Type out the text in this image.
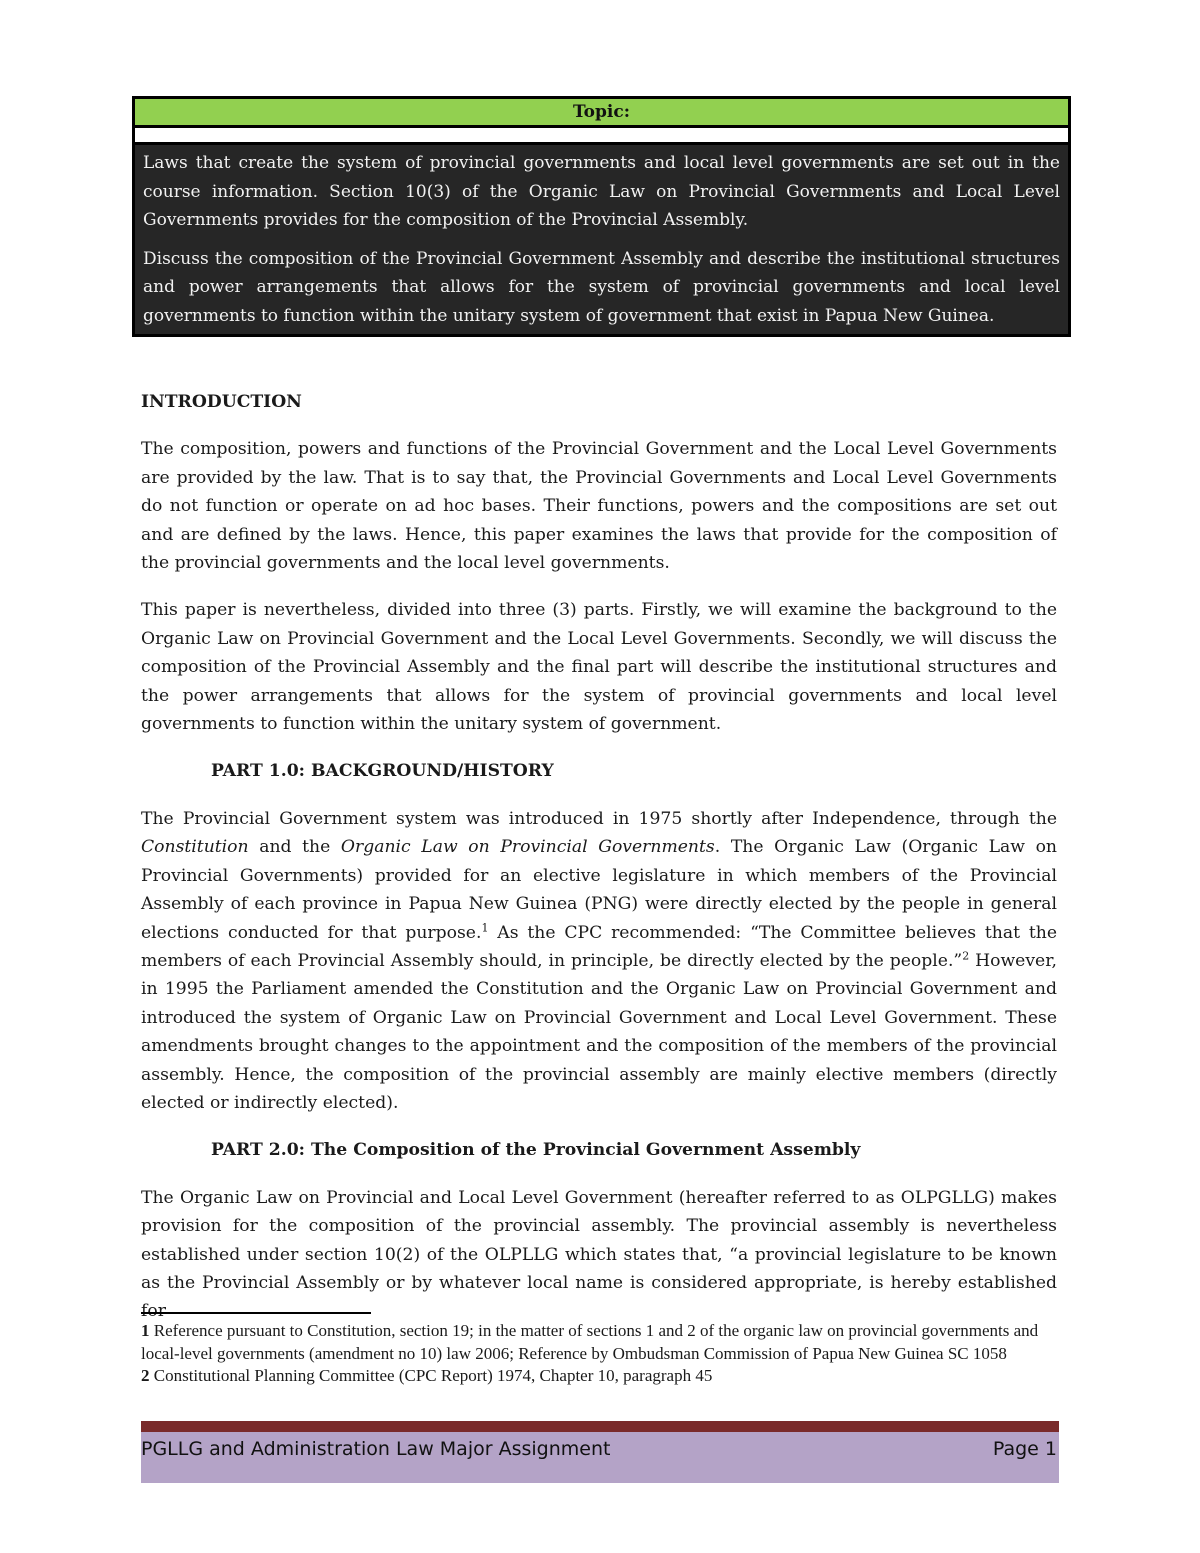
Topic:

Laws that create the system of provincial governments and local level governments are set out in the course information. Section 10(3) of the Organic Law on Provincial Governments and Local Level Governments provides for the composition of the Provincial Assembly.

Discuss the composition of the Provincial Government Assembly and describe the institutional structures and power arrangements that allows for the system of provincial governments and local level governments to function within the unitary system of government that exist in Papua New Guinea.

INTRODUCTION

The composition, powers and functions of the Provincial Government and the Local Level Governments are provided by the law. That is to say that, the Provincial Governments and Local Level Governments do not function or operate on ad hoc bases. Their functions, powers and the compositions are set out and are defined by the laws. Hence, this paper examines the laws that provide for the composition of the provincial governments and the local level governments.

This paper is nevertheless, divided into three (3) parts. Firstly, we will examine the background to the Organic Law on Provincial Government and the Local Level Governments. Secondly, we will discuss the composition of the Provincial Assembly and the final part will describe the institutional structures and the power arrangements that allows for the system of provincial governments and local level governments to function within the unitary system of government.

PART 1.0: BACKGROUND/HISTORY

The Provincial Government system was introduced in 1975 shortly after Independence, through the Constitution and the Organic Law on Provincial Governments. The Organic Law (Organic Law on Provincial Governments) provided for an elective legislature in which members of the Provincial Assembly of each province in Papua New Guinea (PNG) were directly elected by the people in general elections conducted for that purpose.$^1$ As the CPC recommended: “The Committee believes that the members of each Provincial Assembly should, in principle, be directly elected by the people.”$^2$ However, in 1995 the Parliament amended the Constitution and the Organic Law on Provincial Government and introduced the system of Organic Law on Provincial Government and Local Level Government. These amendments brought changes to the appointment and the composition of the members of the provincial assembly. Hence, the composition of the provincial assembly are mainly elective members (directly elected or indirectly elected).

PART 2.0: The Composition of the Provincial Government Assembly

The Organic Law on Provincial and Local Level Government (hereafter referred to as OLPGLLG) makes provision for the composition of the provincial assembly. The provincial assembly is nevertheless established under section 10(2) of the OLPLLG which states that, “a provincial legislature to be known as the Provincial Assembly or by whatever local name is considered appropriate, is hereby established

1 Reference pursuant to Constitution, section 19; in the matter of sections 1 and 2 of the organic law on provincial governments and local-level governments (amendment no 10) law 2006; Reference by Ombudsman Commission of Papua New Guinea SC 1058

2 Constitutional Planning Committee (CPC Report) 1974, Chapter 10, paragraph 45

PGLLG and Administration Law Major Assignment	Page 1
